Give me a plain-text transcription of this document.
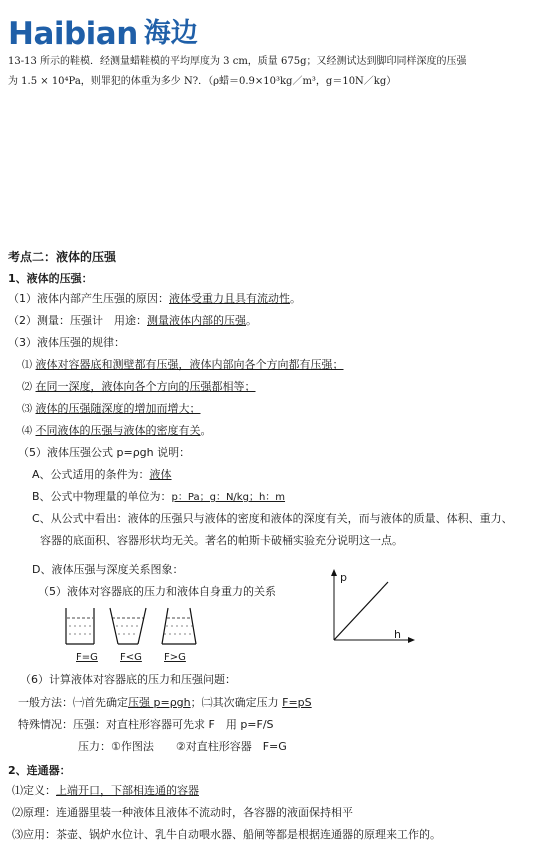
Haibian 海边
13-13 所示的鞋模．经测量蜡鞋模的平均厚度为 3 cm，质量 675g；又经测试达到脚印同样深度的压强
为 1.5 × 10⁴Pa，则罪犯的体重为多少 N?．（ρ蜡＝0.9×10³kg／m³，g＝10N／kg）
考点二：液体的压强
1、液体的压强：
（1）液体内部产生压强的原因：液体受重力且具有流动性。
（2）测量：压强计　用途：测量液体内部的压强。
（3）液体压强的规律：
⑴ 液体对容器底和测壁都有压强，液体内部向各个方向都有压强；
⑵ 在同一深度，液体向各个方向的压强都相等；
⑶ 液体的压强随深度的增加而增大；
⑷ 不同液体的压强与液体的密度有关。
（5）液体压强公式 p=ρgh 说明：
A、公式适用的条件为：液体
B、公式中物理量的单位为：p：Pa；g：N/kg；h：m
C、从公式中看出：液体的压强只与液体的密度和液体的深度有关，而与液体的质量、体积、重力、
容器的底面积、容器形状均无关。著名的帕斯卡破桶实验充分说明这一点。
D、液体压强与深度关系图象：
p
h
（5）液体对容器底的压力和液体自身重力的关系
F=G F<G F>G
（6）计算液体对容器底的压力和压强问题：
一般方法：㈠首先确定压强 p=ρgh；㈡其次确定压力 F=pS
特殊情况：压强：对直柱形容器可先求 F　用 p=F/S
压力：①作图法　　②对直柱形容器　F=G
2、连通器：
⑴定义：上端开口，下部相连通的容器
⑵原理：连通器里装一种液体且液体不流动时，各容器的液面保持相平
⑶应用：茶壶、锅炉水位计、乳牛自动喂水器、船闸等都是根据连通器的原理来工作的。
